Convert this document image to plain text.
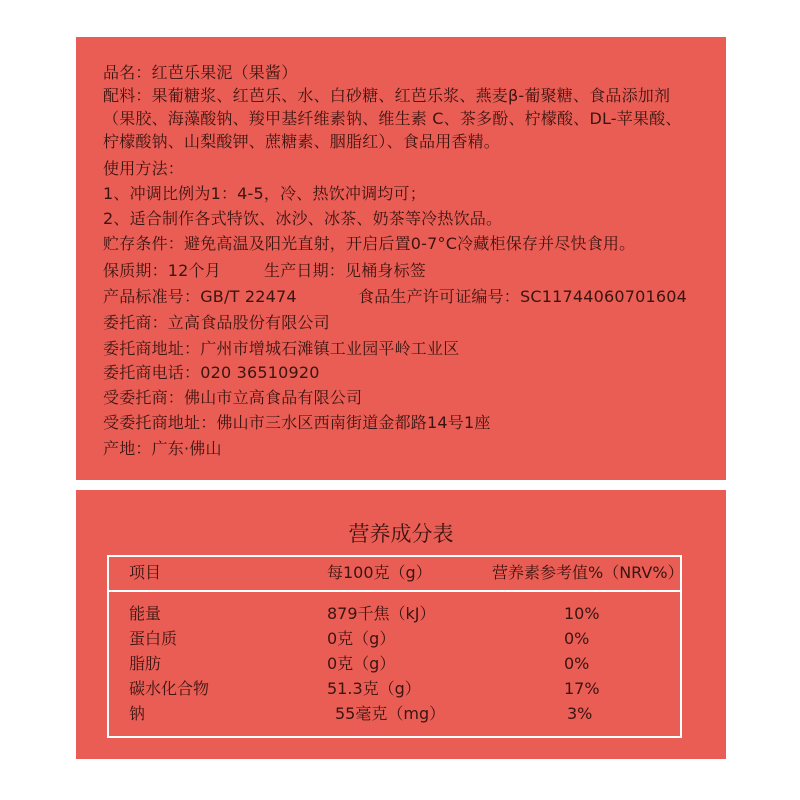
品名：红芭乐果泥（果酱）
配料：果葡糖浆、红芭乐、水、白砂糖、红芭乐浆、燕麦β-葡聚糖、食品添加剂
（果胶、海藻酸钠、羧甲基纤维素钠、维生素 C、茶多酚、柠檬酸、DL-苹果酸、
柠檬酸钠、山梨酸钾、蔗糖素、胭脂红）、食品用香精。
使用方法：
1、冲调比例为1：4-5，冷、热饮冲调均可；
2、适合制作各式特饮、冰沙、冰茶、奶茶等冷热饮品。
贮存条件：避免高温及阳光直射，开启后置0-7°C冷藏柜保存并尽快食用。
保质期：12个月	生产日期：见桶身标签
产品标准号：GB/T 22474	食品生产许可证编号：SC11744060701604
委托商：立高食品股份有限公司
委托商地址：广州市增城石滩镇工业园平岭工业区
委托商电话：020 36510920
受委托商：佛山市立高食品有限公司
受委托商地址：佛山市三水区西南街道金都路14号1座
产地：广东·佛山
营养成分表
项目	每100克（g）	营养素参考值%（NRV%）
能量	879千焦（kJ）	10%
蛋白质	0克（g）	0%
脂肪	0克（g）	0%
碳水化合物	51.3克（g）	17%
钠	55毫克（mg）	3%
